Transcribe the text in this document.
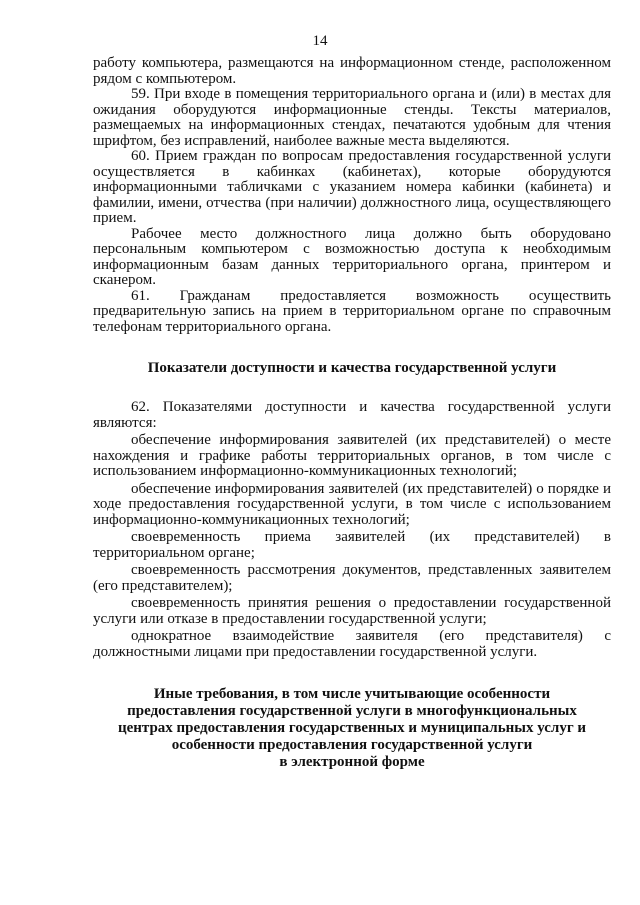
14

работу компьютера, размещаются на информационном стенде, расположенном рядом с компьютером.

59. При входе в помещения территориального органа и (или) в местах для ожидания оборудуются информационные стенды. Тексты материалов, размещаемых на информационных стендах, печатаются удобным для чтения шрифтом, без исправлений, наиболее важные места выделяются.

60. Прием граждан по вопросам предоставления государственной услуги осуществляется в кабинках (кабинетах), которые оборудуются информационными табличками с указанием номера кабинки (кабинета) и фамилии, имени, отчества (при наличии) должностного лица, осуществляющего прием.

Рабочее место должностного лица должно быть оборудовано персональным компьютером с возможностью доступа к необходимым информационным базам данных территориального органа, принтером и сканером.

61. Гражданам предоставляется возможность осуществить предварительную запись на прием в территориальном органе по справочным телефонам территориального органа.

Показатели доступности и качества государственной услуги

62. Показателями доступности и качества государственной услуги являются:

обеспечение информирования заявителей (их представителей) о месте нахождения и графике работы территориальных органов, в том числе с использованием информационно-коммуникационных технологий;

обеспечение информирования заявителей (их представителей) о порядке и ходе предоставления государственной услуги, в том числе с использованием информационно-коммуникационных технологий;

своевременность приема заявителей (их представителей) в территориальном органе;

своевременность рассмотрения документов, представленных заявителем (его представителем);

своевременность принятия решения о предоставлении государственной услуги или отказе в предоставлении государственной услуги;

однократное взаимодействие заявителя (его представителя) с должностными лицами при предоставлении государственной услуги.

Иные требования, в том числе учитывающие особенности
предоставления государственной услуги в многофункциональных
центрах предоставления государственных и муниципальных услуг и
особенности предоставления государственной услуги
в электронной форме
